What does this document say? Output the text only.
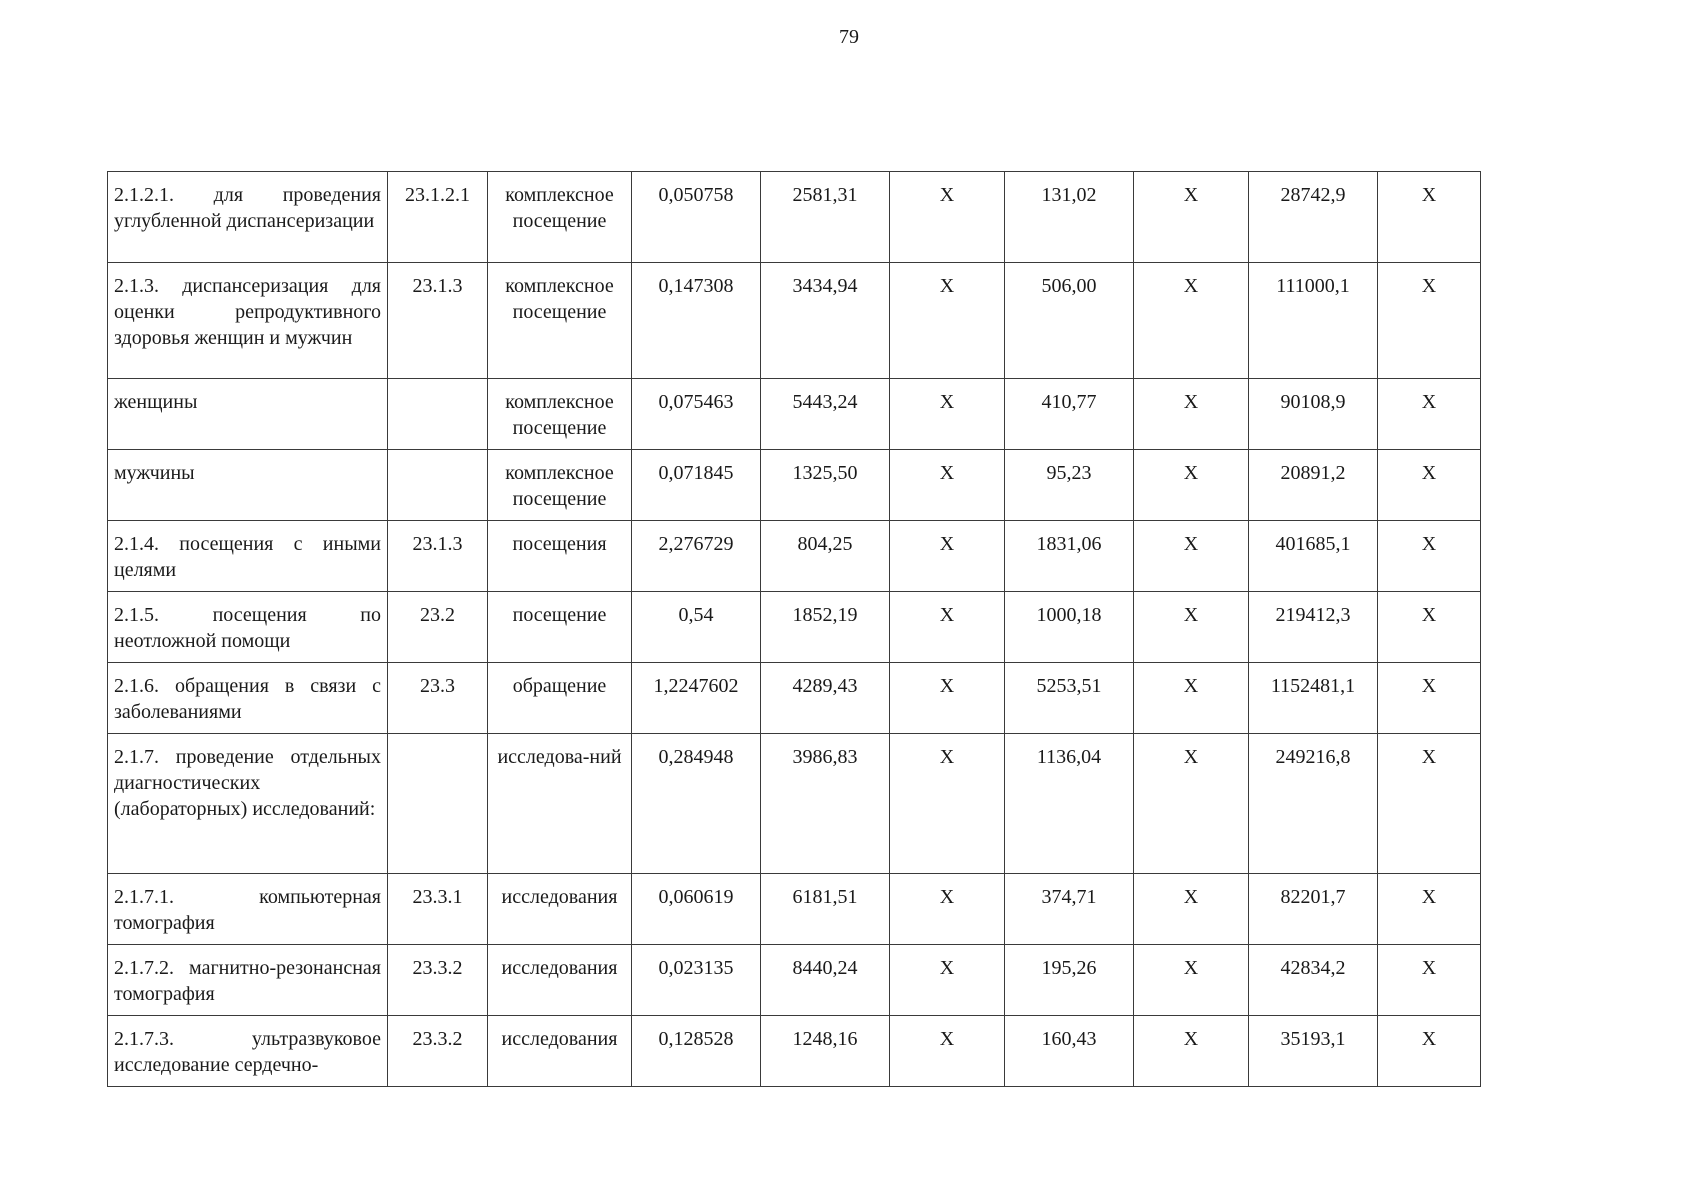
79
2.1.2.1. для проведения углубленной диспансеризации	23.1.2.1	комплексное посещение	0,050758	2581,31	X	131,02	X	28742,9	X
2.1.3. диспансеризация для оценки репродуктивного здоровья женщин и мужчин	23.1.3	комплексное посещение	0,147308	3434,94	X	506,00	X	111000,1	X
женщины		комплексное посещение	0,075463	5443,24	X	410,77	X	90108,9	X
мужчины		комплексное посещение	0,071845	1325,50	X	95,23	X	20891,2	X
2.1.4. посещения с иными целями	23.1.3	посещения	2,276729	804,25	X	1831,06	X	401685,1	X
2.1.5. посещения по неотложной помощи	23.2	посещение	0,54	1852,19	X	1000,18	X	219412,3	X
2.1.6. обращения в связи с заболеваниями	23.3	обращение	1,2247602	4289,43	X	5253,51	X	1152481,1	X
2.1.7. проведение отдельных диагностических (лабораторных) исследований:		исследова-ний	0,284948	3986,83	X	1136,04	X	249216,8	X
2.1.7.1. компьютерная томография	23.3.1	исследования	0,060619	6181,51	X	374,71	X	82201,7	X
2.1.7.2. магнитно-резонансная томография	23.3.2	исследования	0,023135	8440,24	X	195,26	X	42834,2	X
2.1.7.3. ультразвуковое исследование сердечно-	23.3.2	исследования	0,128528	1248,16	X	160,43	X	35193,1	X
